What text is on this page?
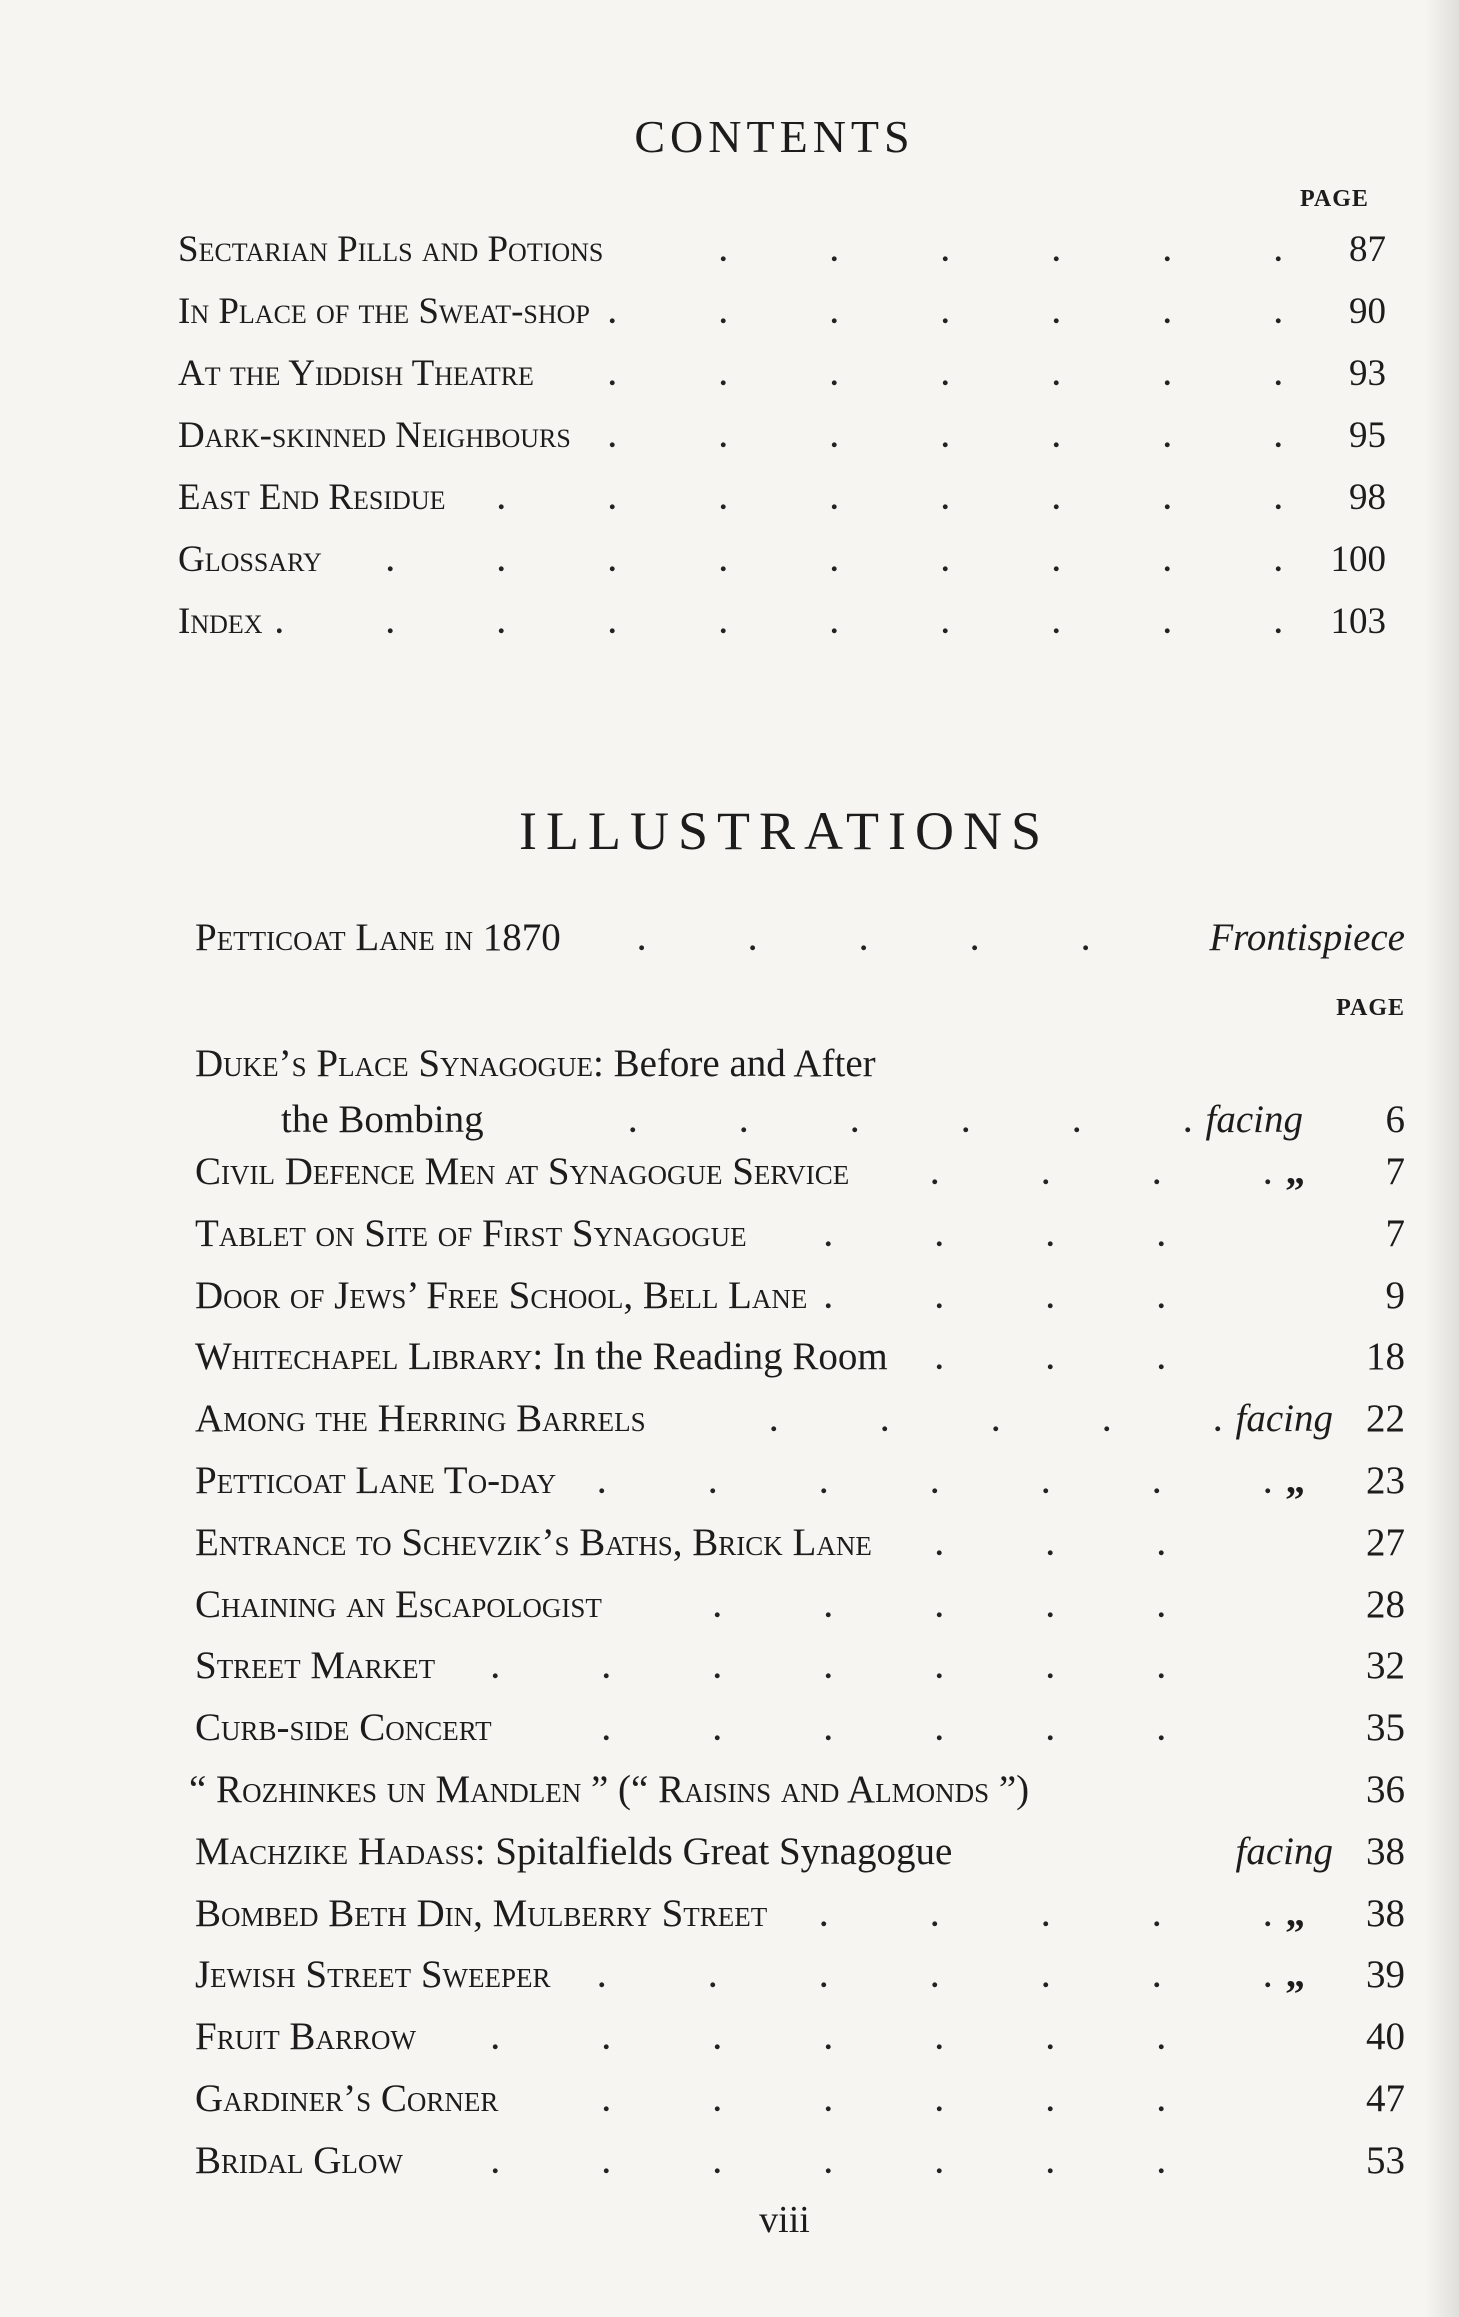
CONTENTS
PAGE
Sectarian Pills and Potions . . .	87
In Place of the Sweat-shop . . .	90
At the Yiddish Theatre . . .	93
Dark-skinned Neighbours . . .	95
East End Residue . . .	98
Glossary . . .	100
Index . . .	103
ILLUSTRATIONS
Petticoat Lane in 1870 . . .	Frontispiece
PAGE
Duke’s Place Synagogue: Before and After
the Bombing . . .	facing	6
Civil Defence Men at Synagogue Service . . .	„	7
Tablet on Site of First Synagogue . . .	7
Door of Jews’ Free School, Bell Lane . . .	9
Whitechapel Library: In the Reading Room . . .	18
Among the Herring Barrels . . .	facing 22
Petticoat Lane To-day . . .	„ 23
Entrance to Schevzik’s Baths, Brick Lane . . .	27
Chaining an Escapologist . . .	28
Street Market . . .	32
Curb-side Concert . . .	35
“ Rozhinkes un Mandlen ” (“ Raisins and Almonds ”)	36
Machzike Hadass: Spitalfields Great Synagogue	facing 38
Bombed Beth Din, Mulberry Street . . .	„ 38
Jewish Street Sweeper . . .	„ 39
Fruit Barrow . . .	40
Gardiner’s Corner . . .	47
Bridal Glow . . .	53
viii
